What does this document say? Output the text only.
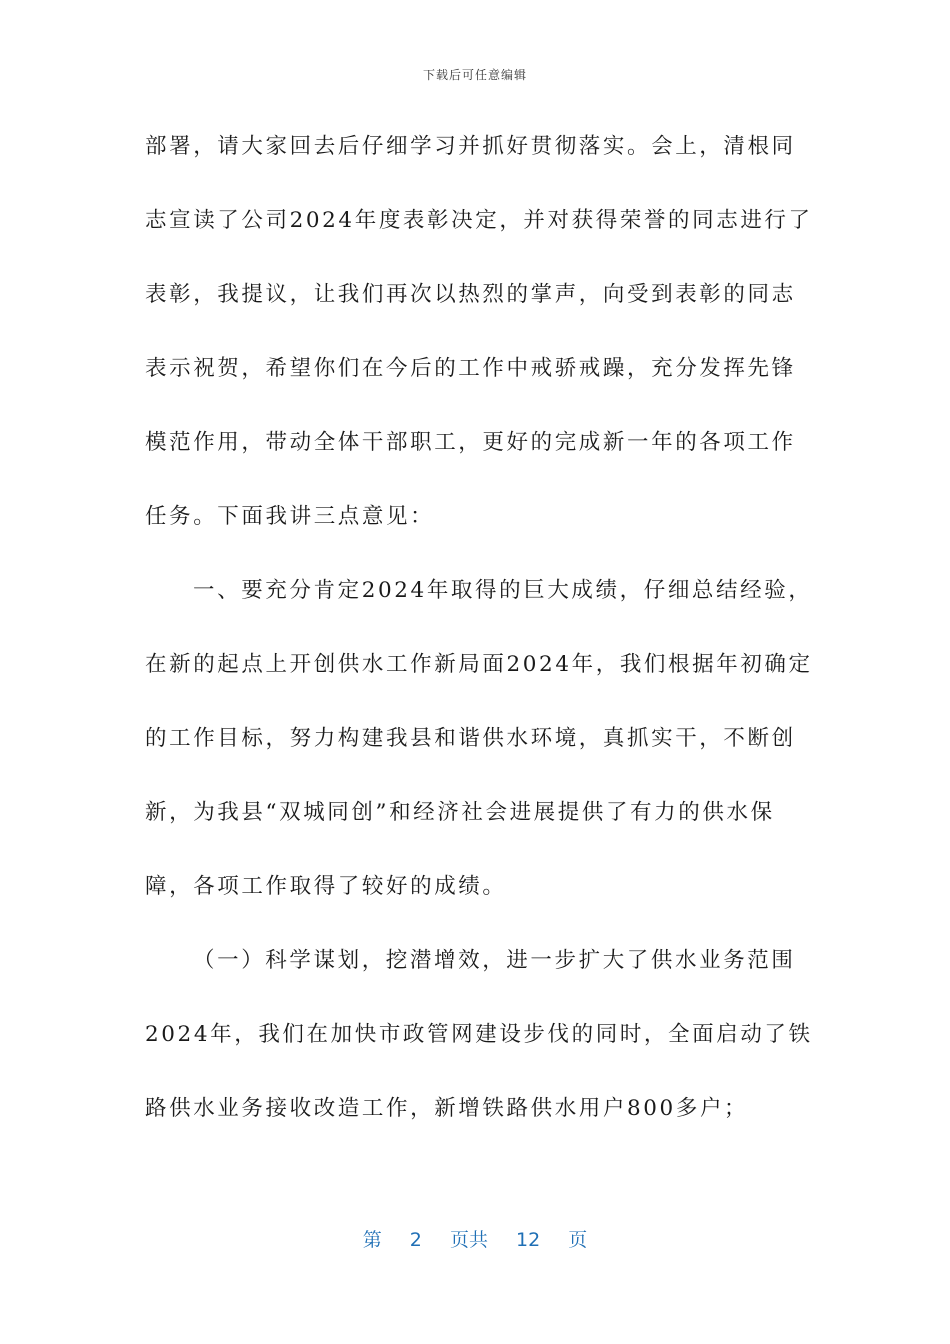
下载后可任意编辑
部署，请大家回去后仔细学习并抓好贯彻落实。会上，清根同
志宣读了公司2024年度表彰决定，并对获得荣誉的同志进行了
表彰，我提议，让我们再次以热烈的掌声，向受到表彰的同志
表示祝贺，希望你们在今后的工作中戒骄戒躁，充分发挥先锋
模范作用，带动全体干部职工，更好的完成新一年的各项工作
任务。下面我讲三点意见：
一、要充分肯定2024年取得的巨大成绩，仔细总结经验，
在新的起点上开创供水工作新局面2024年，我们根据年初确定
的工作目标，努力构建我县和谐供水环境，真抓实干，不断创
新，为我县“双城同创”和经济社会进展提供了有力的供水保
障，各项工作取得了较好的成绩。
（一）科学谋划，挖潜增效，进一步扩大了供水业务范围
2024年，我们在加快市政管网建设步伐的同时，全面启动了铁
路供水业务接收改造工作，新增铁路供水用户800多户；
第 2 页共 12 页
